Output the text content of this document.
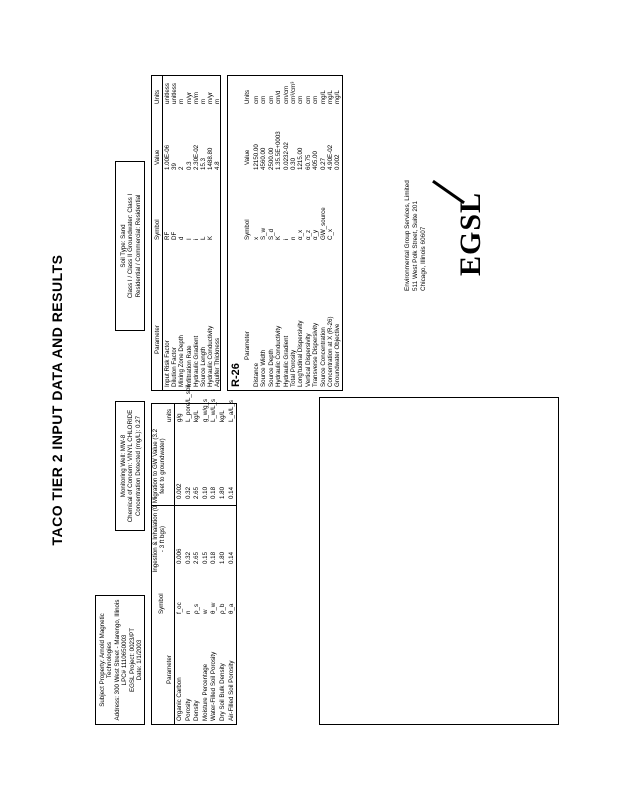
TACO TIER 2 INPUT DATA AND RESULTS
Subject Property: Arnold Magnetic Technologies Address: 300 West Street - Marengo, Illinois LPC# 1110650003 EGSL Project: 0023/PT Date: 1/1/2003
Monitoring Well: MW-8 Chemical of Concern: VINYL CHLORIDE Concentration Detected (mg/L): 0.27
Soil Type: Sand Class I / Class II Groundwater: Class I Residential / Commercial: Residential
Parameter
Symbol
Ingestion & Inhalation (0 - 3 ft bgs)
Migration to GW Value (3.2 feet to groundwater)
units
Organic Carbon
f_oc
0.006
0.002
g/g
Porosity
n
0.32
0.32
L_pore/L_soil
Density
ρ_s
2.65
2.65
kg/L
Moisture Percentage
w
0.15
0.10
g_w/g_s
Water-Filled Soil Porosity
θ_w
0.18
0.18
L_w/L_s
Dry Soil Bulk Density
ρ_b
1.80
1.80
kg/L
Air-Filled Soil Porosity
θ_a
0.14
0.14
L_a/L_s
Parameter
Symbol
Value
Units
Input Risk Factor
RF
1.00E-06
unitless
Dilution Factor
DF
39
unitless
Mixing Zone Depth
d
2
m
Infiltration Rate
I
0.3
m/yr
Hydraulic Gradient
i
2.30E-02
m/m
Source Length
L
15.3
m
Hydraulic Conductivity
K
1488.80
m/yr
Aquifer Thickness
4.8
m
R-26
Parameter
Symbol
Value
Units
Distance
x
12150.00
cm
Source Width
S_w
4560.00
cm
Source Depth
S_d
2500.00
cm
Hydraulic Conductivity
K
1.35.5E+0003
cm/d
Hydraulic Gradient
i
0.0232-02
cm/cm
Total Porosity
n
0.30
cm³/cm³
Long'tudinal Dispersivity
α_x
1215.00
cm
Vertical Dispersivity
α_z
60.75
cm
Transverse Dispersivity
α_y
405.00
cm
Source Concentration
GW_source
0.27
mg/L
Concentration at X (R-26)
C_x
4.90E-02
mg/L
Groundwater Objective
0.002
mg/L
EGSL
Environmental Group Services, Limited 511 West Polk Street, Suite 201 Chicago, Illinois 60607
